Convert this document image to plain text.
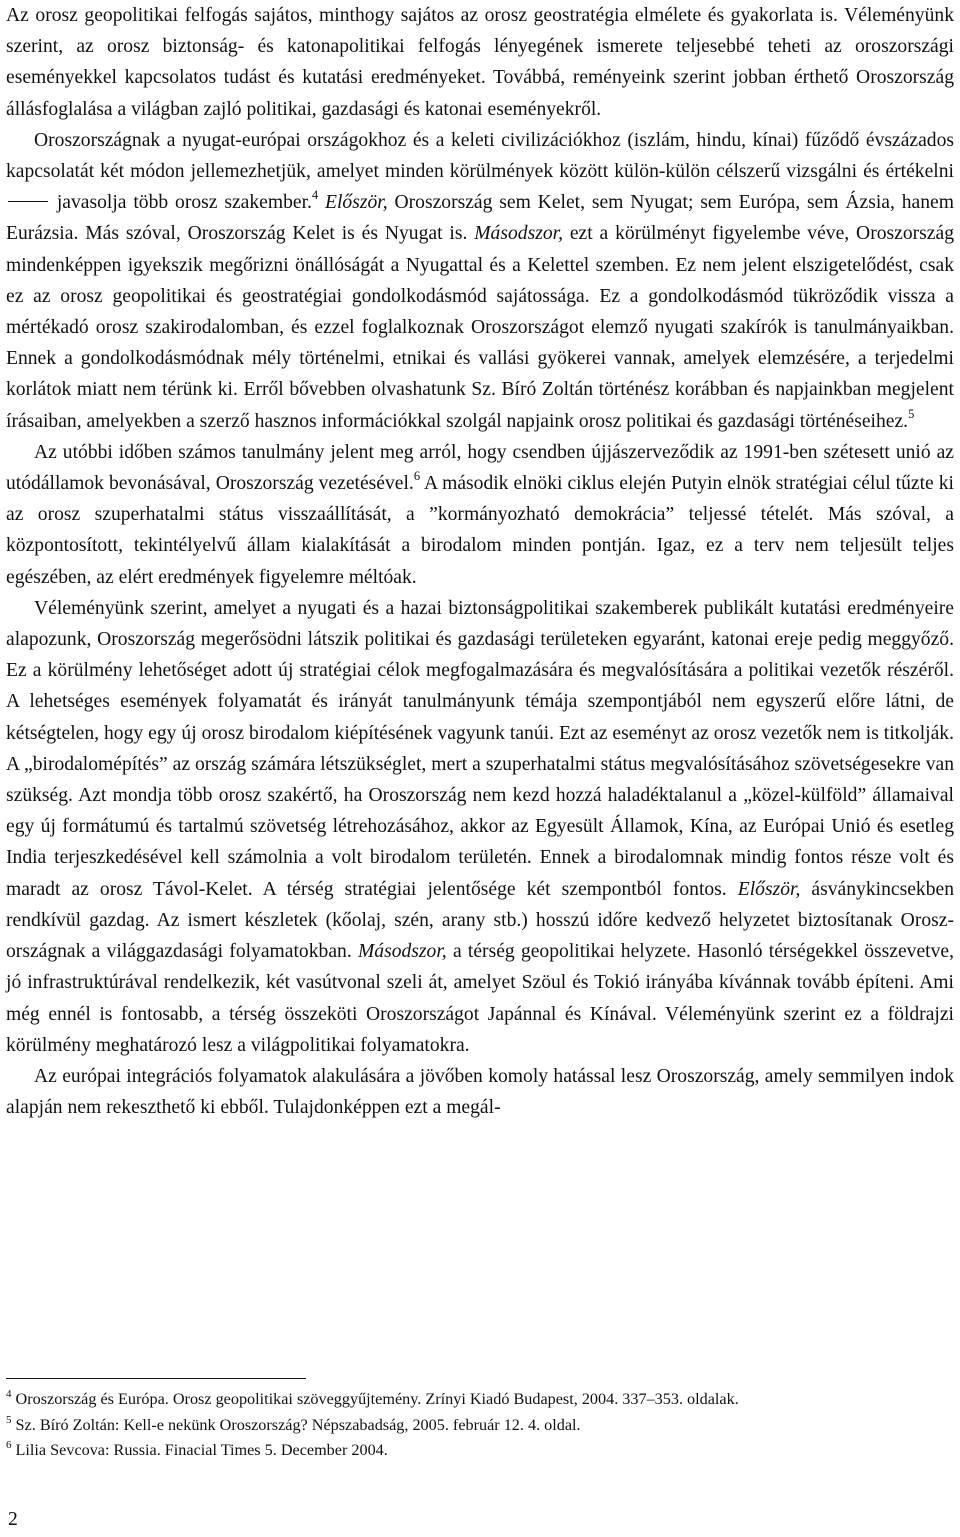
Az orosz geopolitikai felfogás sajátos, minthogy sajátos az orosz geostratégia elmélete és gyakorlata is. Véleményünk szerint, az orosz biztonság- és katonapolitikai felfogás lényegének ismerete teljesebbé teheti az oroszországi eseményekkel kapcsolatos tudást és kutatási eredményeket. Továbbá, reményeink szerint jobban érthető Oroszország állásfoglalása a világban zajló politikai, gazdasági és katonai eseményekről.

Oroszországnak a nyugat-európai országokhoz és a keleti civilizációkhoz (iszlám, hindu, kínai) fűződő évszázados kapcsolatát két módon jellemezhetjük, amelyet minden körülmények között külön-külön célszerű vizsgálni és értékelni  javasolja több orosz szakember.$^4$ Először, Oroszország sem Kelet, sem Nyugat; sem Európa, sem Ázsia, hanem Eurázsia. Más szóval, Oroszország Kelet is és Nyugat is. Másodszor, ezt a körülményt figyelembe véve, Oroszország mindenképpen igyekszik megőrizni önállóságát a Nyugattal és a Kelettel szemben. Ez nem jelent elszigetelődést, csak ez az orosz geopolitikai és geostratégiai gondolkodásmód sajátossága. Ez a gondolkodásmód tükröződik vissza a mértékadó orosz szakirodalomban, és ezzel foglalkoznak Oroszországot elemző nyugati szakírók is tanulmányaikban. Ennek a gondolkodásmódnak mély történelmi, etnikai és vallási gyökerei vannak, amelyek elemzésére, a terjedelmi korlátok miatt nem térünk ki. Erről bővebben olvashatunk Sz. Bíró Zoltán történész korábban és napjainkban megjelent írásaiban, amelyekben a szerző hasznos információkkal szolgál napjaink orosz politikai és gazdasági történéseihez.$^5$

Az utóbbi időben számos tanulmány jelent meg arról, hogy csendben újjászerveződik az 1991-ben szétesett unió az utódállamok bevonásával, Oroszország vezetésével.$^6$ A második elnöki ciklus elején Putyin elnök stratégiai célul tűzte ki az orosz szuperhatalmi státus visszaállítását, a ”kormányozható demokrácia” teljessé tételét. Más szóval, a központosított, tekintélyelvű állam kialakítását a birodalom minden pontján. Igaz, ez a terv nem teljesült teljes egészében, az elért eredmények figyelemre méltóak.

Véleményünk szerint, amelyet a nyugati és a hazai biztonságpolitikai szakemberek publikált kutatási eredményeire alapozunk, Oroszország megerősödni látszik politikai és gazdasági területeken egyaránt, katonai ereje pedig meggyőző. Ez a körülmény lehetőséget adott új stratégiai célok megfogalmazására és megvalósítására a politikai vezetők részéről. A lehetséges események folyamatát és irányát tanulmányunk témája szempontjából nem egyszerű előre látni, de kétségtelen, hogy egy új orosz birodalom kiépítésének vagyunk tanúi. Ezt az eseményt az orosz vezetők nem is titkolják. A „birodalomépítés” az ország számára létszükséglet, mert a szuperhatalmi státus megvalósításához szövetségesekre van szükség. Azt mondja több orosz szakértő, ha Oroszország nem kezd hozzá haladéktalanul a „közel-külföld” államaival egy új formátumú és tartalmú szövetség létrehozásához, akkor az Egyesült Államok, Kína, az Európai Unió és esetleg India terjeszkedésével kell számolnia a volt birodalom területén. Ennek a birodalomnak mindig fontos része volt és maradt az orosz Távol-Kelet. A térség stratégiai jelentősége két szempontból fontos. Először, ásványkincsekben rendkívül gazdag. Az ismert készletek (kőolaj, szén, arany stb.) hosszú időre kedvező helyzetet biztosítanak Oroszországnak a világgazdasági folyamatokban. Másodszor, a térség geopolitikai helyzete. Hasonló térségekkel összevetve, jó infrastruktúrával rendelkezik, két vasútvonal szeli át, amelyet Szöul és Tokió irányába kívánnak tovább építeni. Ami még ennél is fontosabb, a térség összeköti Oroszországot Japánnal és Kínával. Véleményünk szerint ez a földrajzi körülmény meghatározó lesz a világpolitikai folyamatokra.

Az európai integrációs folyamatok alakulására a jövőben komoly hatással lesz Oroszország, amely semmilyen indok alapján nem rekeszthető ki ebből. Tulajdonképpen ezt a megál-

$^4$ Oroszország és Európa. Orosz geopolitikai szöveggyűjtemény. Zrínyi Kiadó Budapest, 2004. 337–353. oldalak.

$^5$ Sz. Bíró Zoltán: Kell-e nekünk Oroszország? Népszabadság, 2005. február 12. 4. oldal.

$^6$ Lilia Sevcova: Russia. Finacial Times 5. December 2004.

2
